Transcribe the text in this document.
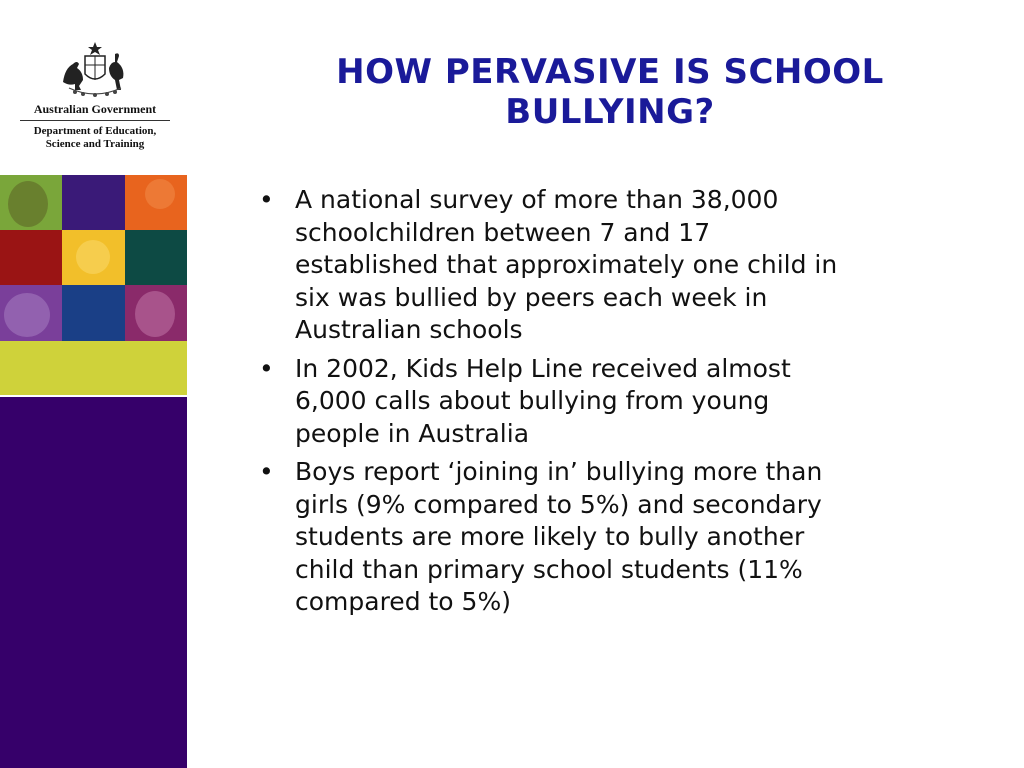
Australian Government
Department of Education,
Science and Training
HOW PERVASIVE IS SCHOOL
BULLYING?
• A national survey of more than 38,000
schoolchildren between 7 and 17
established that approximately one child in
six was bullied by peers each week in
Australian schools
• In 2002, Kids Help Line received almost
6,000 calls about bullying from young
people in Australia
• Boys report ‘joining in’ bullying more than
girls (9% compared to 5%) and secondary
students are more likely to bully another
child than primary school students (11%
compared to 5%)
